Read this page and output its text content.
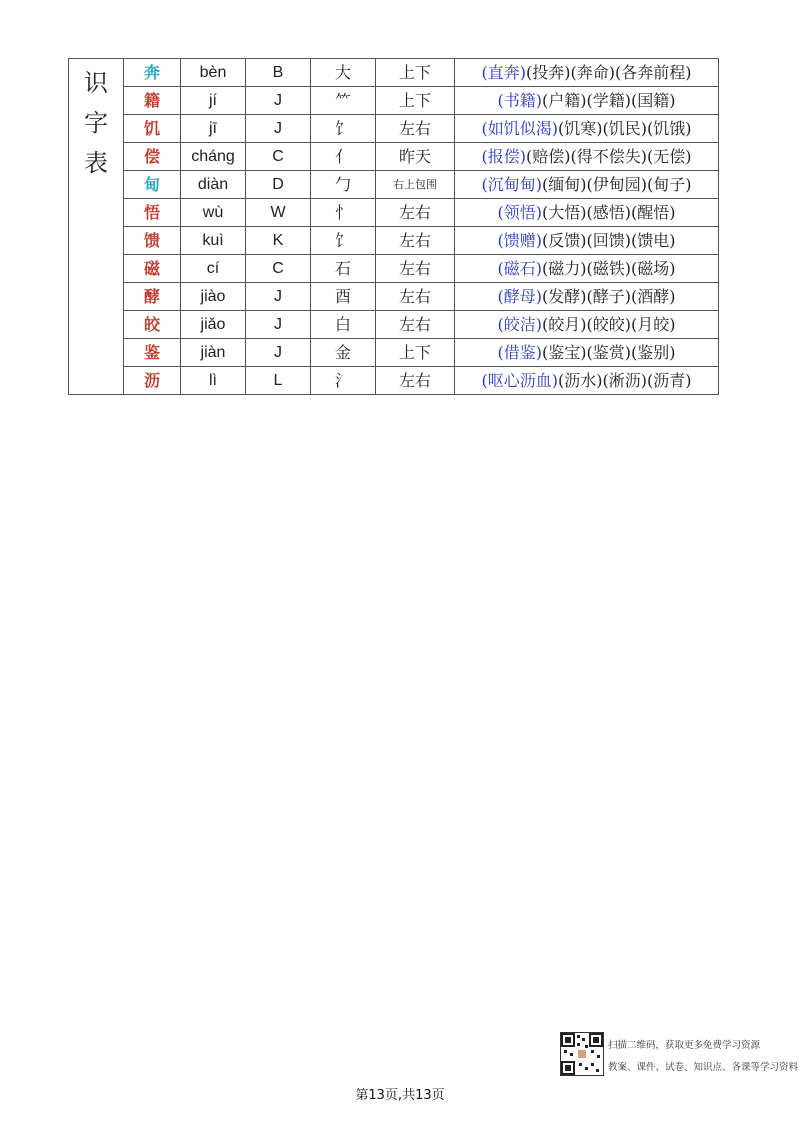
识
字
表	奔	bèn	B	大	上下	(直奔)(投奔)(奔命)(各奔前程)
	籍	jí	J	⺮	上下	(书籍)(户籍)(学籍)(国籍)
	饥	jī	J	饣	左右	(如饥似渴)(饥寒)(饥民)(饥饿)
	偿	cháng	C	亻	昨天	(报偿)(赔偿)(得不偿失)(无偿)
	甸	diàn	D	勹	右上包围	(沉甸甸)(缅甸)(伊甸园)(甸子)
	悟	wù	W	忄	左右	(领悟)(大悟)(感悟)(醒悟)
	馈	kuì	K	饣	左右	(馈赠)(反馈)(回馈)(馈电)
	磁	cí	C	石	左右	(磁石)(磁力)(磁铁)(磁场)
	酵	jiào	J	酉	左右	(酵母)(发酵)(酵子)(酒酵)
	皎	jiǎo	J	白	左右	(皎洁)(皎月)(皎皎)(月皎)
	鉴	jiàn	J	金	上下	(借鉴)(鉴宝)(鉴赏)(鉴别)
	沥	lì	L	氵	左右	(呕心沥血)(沥水)(淅沥)(沥青)
扫描二维码，获取更多免费学习资源
教案、课件、试卷、知识点、各课等学习资料
第13页,共13页
